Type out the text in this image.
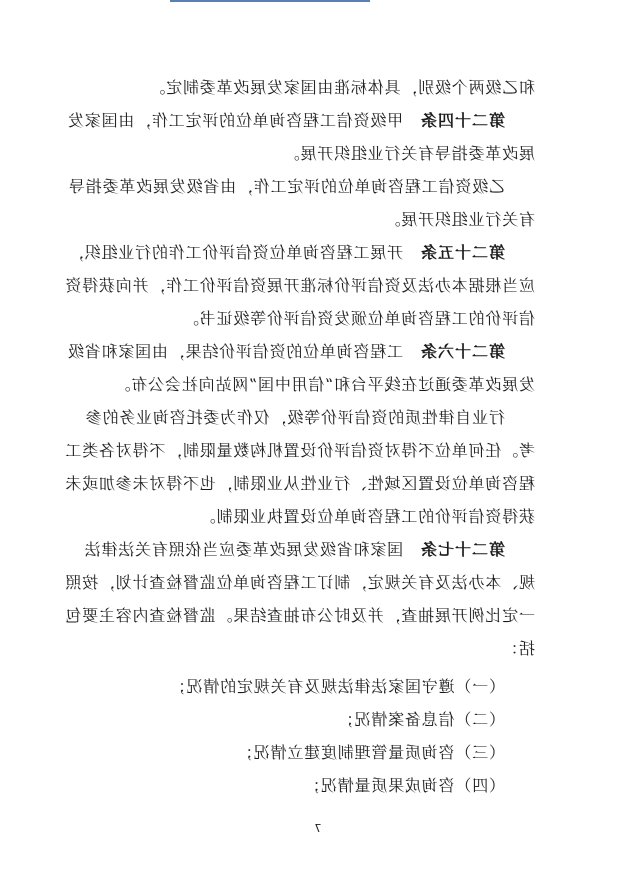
和乙级两个级别，具体标准由国家发展改革委制定。
第二十四条　甲级资信工程咨询单位的评定工作，由国家发
展改革委指导有关行业组织开展。
乙级资信工程咨询单位的评定工作，由省级发展改革委指导
有关行业组织开展。
第二十五条　开展工程咨询单位资信评价工作的行业组织，
应当根据本办法及资信评价标准开展资信评价工作，并向获得资
信评价的工程咨询单位颁发资信评价等级证书。
第二十六条　工程咨询单位的资信评价结果，由国家和省级
发展改革委通过在线平台和“信用中国”网站向社会公布。
行业自律性质的资信评价等级，仅作为委托咨询业务的参
考。任何单位不得对资信评价设置机构数量限制，不得对各类工
程咨询单位设置区域性、行业性从业限制，也不得对未参加或未
获得资信评价的工程咨询单位设置执业限制。
第二十七条　国家和省级发展改革委应当依照有关法律法
规、本办法及有关规定，制订工程咨询单位监督检查计划，按照
一定比例开展抽查，并及时公布抽查结果。监督检查内容主要包
括：
（一）遵守国家法律法规及有关规定的情况；
（二）信息备案情况；
（三）咨询质量管理制度建立情况；
（四）咨询成果质量情况；
7
